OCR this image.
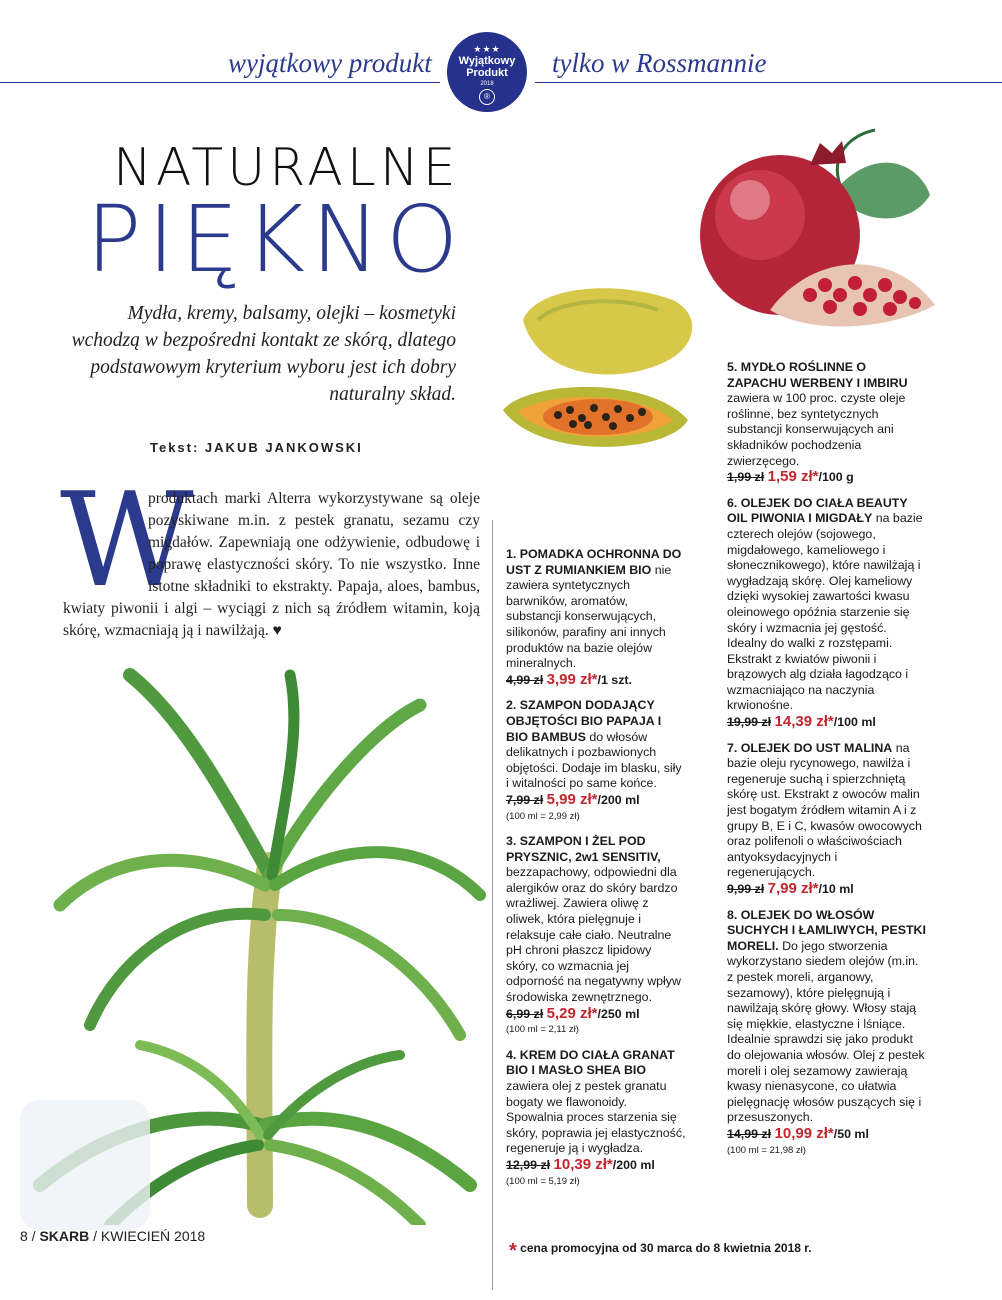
wyjątkowy produkt	tylko w Rossmannie
★★★
Wyjątkowy
Produkt
2018
®
NATURALNE
PIĘKNO
Mydła, kremy, balsamy, olejki – kosmetyki wchodzą w bezpośredni kontakt ze skórą, dlatego podstawowym kryterium wyboru jest ich dobry naturalny skład.
Tekst: JAKUB JANKOWSKI
W
produktach marki Alterra wykorzystywane są oleje pozyskiwane m.in. z pestek granatu, sezamu czy migdałów. Zapewniają one odżywienie, odbudowę i poprawę elastyczności skóry. To nie wszystko. Inne istotne składniki to ekstrakty. Papaja, aloes, bambus, kwiaty piwonii i algi – wyciągi z nich są źródłem witamin, koją skórę, wzmacniają ją i nawilżają. ♥
1. POMADKA OCHRONNA DO UST Z RUMIANKIEM BIO nie zawiera syntetycznych barwników, aromatów, substancji konserwujących, silikonów, parafiny ani innych produktów na bazie olejów mineralnych.
4,99 zł 3,99 zł*/1 szt.
2. SZAMPON DODAJĄCY OBJĘTOŚCI BIO PAPAJA I BIO BAMBUS do włosów delikatnych i pozbawionych objętości. Dodaje im blasku, siły i witalności po same końce.
7,99 zł 5,99 zł*/200 ml
(100 ml = 2,99 zł)
3. SZAMPON I ŻEL POD PRYSZNIC, 2w1 SENSITIV, bezzapachowy, odpowiedni dla alergików oraz do skóry bardzo wrażliwej. Zawiera oliwę z oliwek, która pielęgnuje i relaksuje całe ciało. Neutralne pH chroni płaszcz lipidowy skóry, co wzmacnia jej odporność na negatywny wpływ środowiska zewnętrznego.
6,99 zł 5,29 zł*/250 ml
(100 ml = 2,11 zł)
4. KREM DO CIAŁA GRANAT BIO I MASŁO SHEA BIO zawiera olej z pestek granatu bogaty we flawonoidy. Spowalnia proces starzenia się skóry, poprawia jej elastyczność, regeneruje ją i wygładza.
12,99 zł 10,39 zł*/200 ml
(100 ml = 5,19 zł)
5. MYDŁO ROŚLINNE O ZAPACHU WERBENY I IMBIRU zawiera w 100 proc. czyste oleje roślinne, bez syntetycznych substancji konserwujących ani składników pochodzenia zwierzęcego.
1,99 zł 1,59 zł*/100 g
6. OLEJEK DO CIAŁA BEAUTY OIL PIWONIA I MIGDAŁY na bazie czterech olejów (sojowego, migdałowego, kameliowego i słonecznikowego), które nawilżają i wygładzają skórę. Olej kameliowy dzięki wysokiej zawartości kwasu oleinowego opóźnia starzenie się skóry i wzmacnia jej gęstość. Idealny do walki z rozstępami. Ekstrakt z kwiatów piwonii i brązowych alg działa łagodząco i wzmacniająco na naczynia krwionośne.
19,99 zł 14,39 zł*/100 ml
7. OLEJEK DO UST MALINA na bazie oleju rycynowego, nawilża i regeneruje suchą i spierzchniętą skórę ust. Ekstrakt z owoców malin jest bogatym źródłem witamin A i z grupy B, E i C, kwasów owocowych oraz polifenoli o właściwościach antyoksydacyjnych i regenerujących.
9,99 zł 7,99 zł*/10 ml
8. OLEJEK DO WŁOSÓW SUCHYCH I ŁAMLIWYCH, PESTKI MORELI. Do jego stworzenia wykorzystano siedem olejów (m.in. z pestek moreli, arganowy, sezamowy), które pielęgnują i nawilżają skórę głowy. Włosy stają się miękkie, elastyczne i lśniące. Idealnie sprawdzi się jako produkt do olejowania włosów. Olej z pestek moreli i olej sezamowy zawierają kwasy nienasycone, co ułatwia pielęgnację włosów puszących się i przesuszonych.
14,99 zł 10,99 zł*/50 ml
(100 ml = 21,98 zł)
* cena promocyjna od 30 marca do 8 kwietnia 2018 r.
8 / SKARB / KWIECIEŃ 2018
